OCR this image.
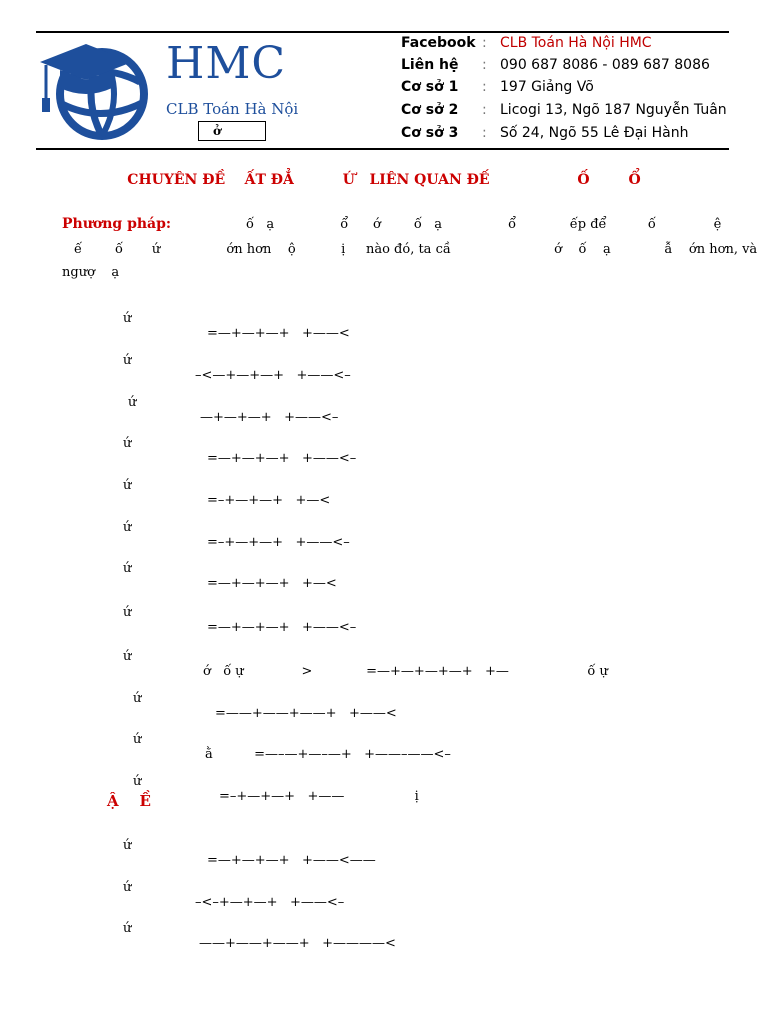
HMC
CLB Toán Hà Nội
ở
Facebook : CLB Toán Hà Nội HMC
Liên hệ : 090 687 8086 - 089 687 8086
Cơ sở 1 : 197 Giảng Võ
Cơ sở 2 : Licogi 13, Ngõ 187 Nguyễn Tuân
Cơ sở 3 : Số 24, Ngõ 55 Lê Đại Hành
CHUYÊN ĐỀ    ẤT ĐẲ          Ứ   LIÊN QUAN ĐẾ                  Ố        Ổ
Phương pháp:	ố   ạ                ổ      ớ        ố   ạ                ổ             ếp để          ố              ệ
ế        ố       ứ                ớn hơn    ộ           ị     nào đó, ta cầ                         ớ    ố    ạ             ẫ    ớn hơn, và
ngượ    ạ

ứ

=—+—+—+   +——<

ứ

–<—+—+—+   +——<–

ứ

—+—+—+   +——<–

ứ

=—+—+—+   +——<–

ứ

=–+—+—+   +—<

ứ

=–+—+—+   +——<–

ứ

=—+—+—+   +—<

ứ

=—+—+—+   +——<–

ứ

ớ   ố ự              >             =—+—+—+—+   +—                   ố ự

ứ

=——+——+——+   +——<

ứ

ằ          =—–—+—–—+   +——–——<–

ứ

=–+—+—+   +——                 ị

Ậ    Ề

ứ

=—+—+—+   +——<——

ứ

–<–+—+—+   +——<–

ứ

——+——+——+   +————<
